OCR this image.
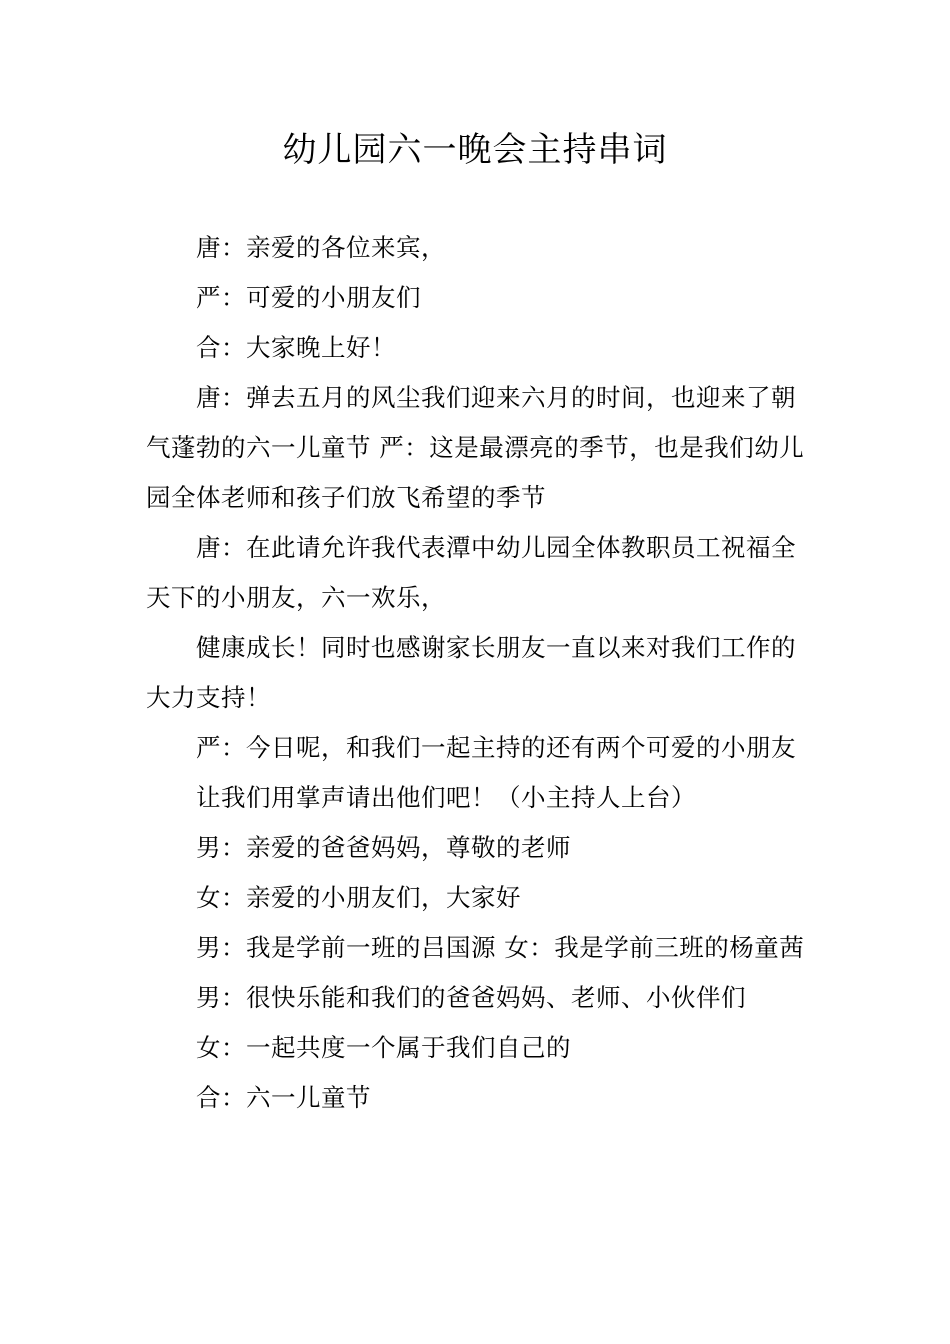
幼儿园六一晚会主持串词

唐：亲爱的各位来宾，

严：可爱的小朋友们

合：大家晚上好！

唐：弹去五月的风尘我们迎来六月的时间，也迎来了朝气蓬勃的六一儿童节 严：这是最漂亮的季节，也是我们幼儿园全体老师和孩子们放飞希望的季节

唐：在此请允许我代表潭中幼儿园全体教职员工祝福全天下的小朋友，六一欢乐，

健康成长！同时也感谢家长朋友一直以来对我们工作的大力支持！

严：今日呢，和我们一起主持的还有两个可爱的小朋友

让我们用掌声请出他们吧！（小主持人上台）

男：亲爱的爸爸妈妈，尊敬的老师

女：亲爱的小朋友们，大家好

男：我是学前一班的吕国源 女：我是学前三班的杨童茜

男：很快乐能和我们的爸爸妈妈、老师、小伙伴们

女：一起共度一个属于我们自己的

合：六一儿童节
